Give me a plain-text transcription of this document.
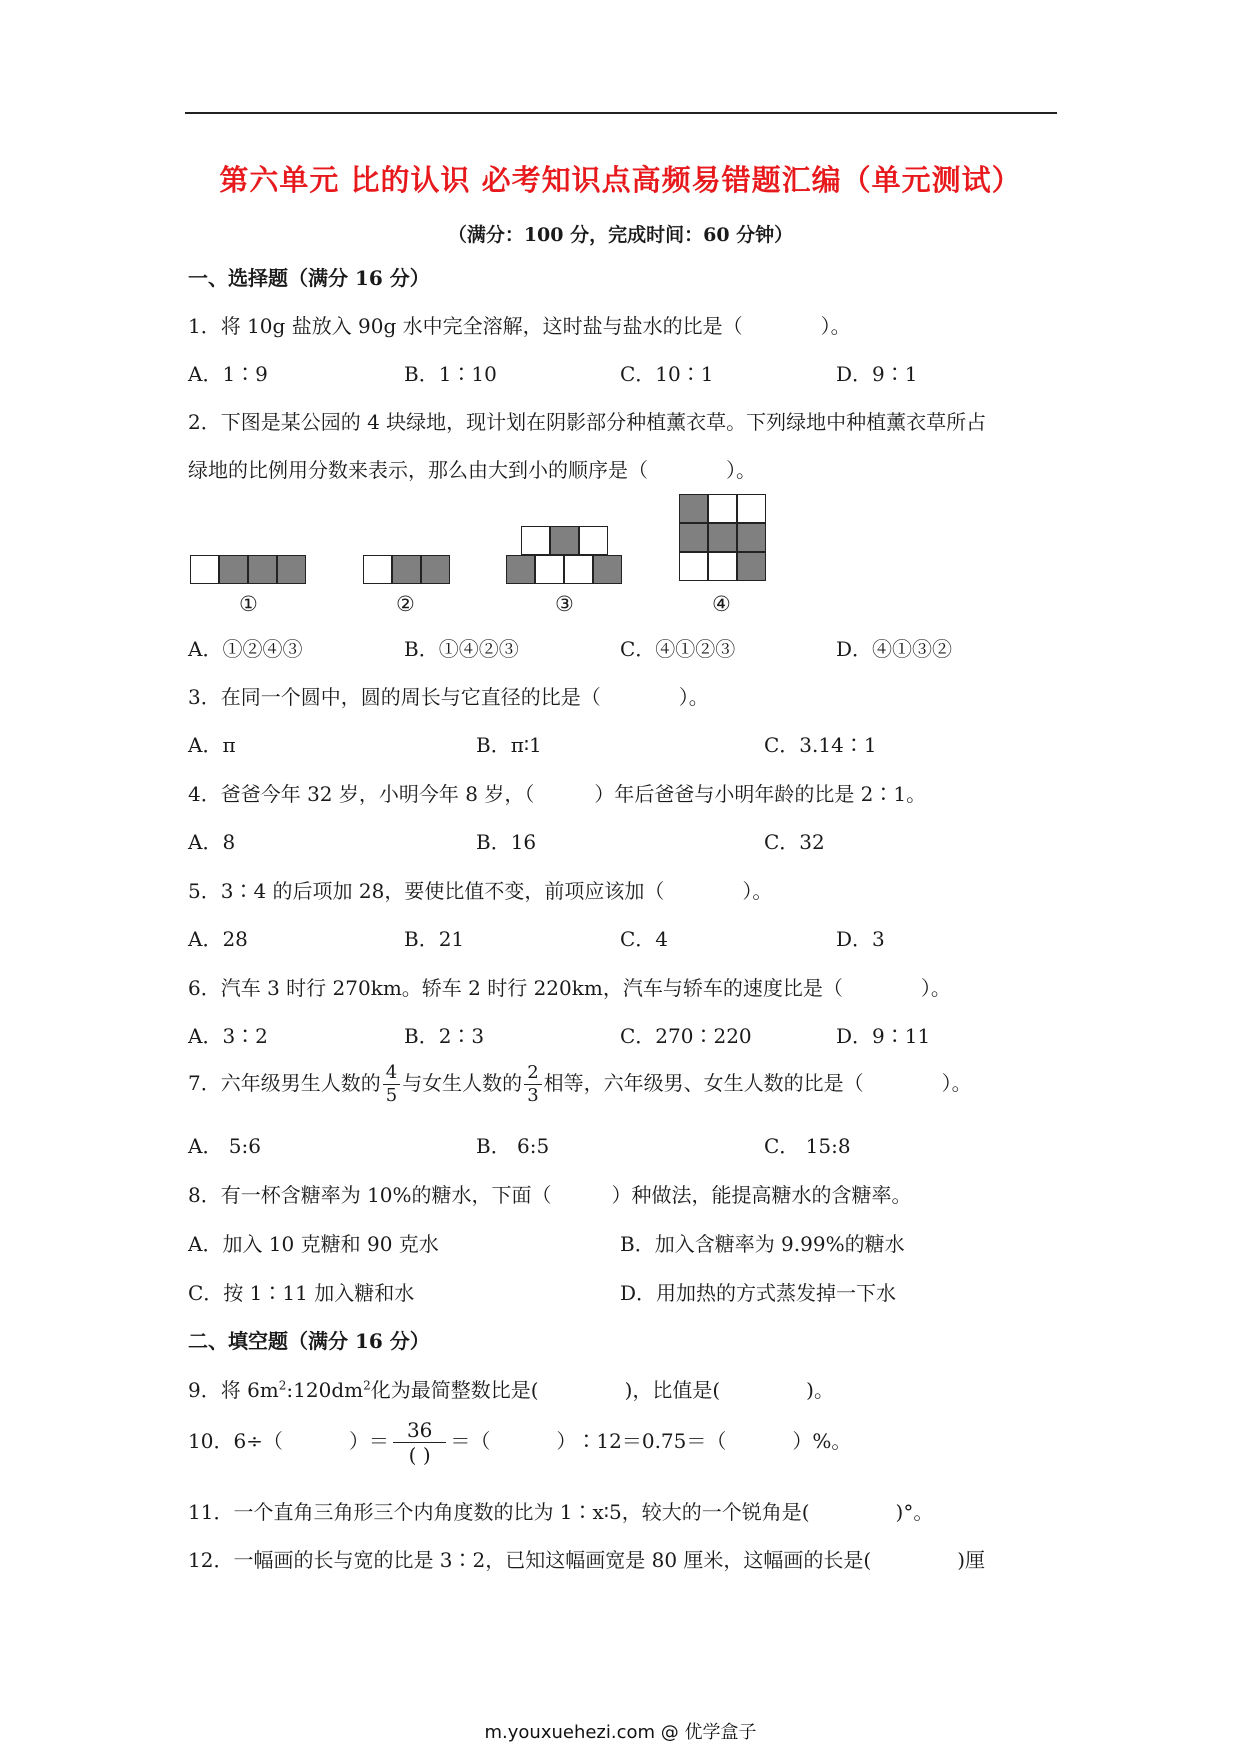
第六单元 比的认识 必考知识点高频易错题汇编（单元测试）
（满分：100 分，完成时间：60 分钟）
一、选择题（满分 16 分）
1．将 10g 盐放入 90g 水中完全溶解，这时盐与盐水的比是（	）。
A．1∶9	B．1∶10	C．10∶1	D．9∶1
2．下图是某公园的 4 块绿地，现计划在阴影部分种植薰衣草。下列绿地中种植薰衣草所占
绿地的比例用分数来表示，那么由大到小的顺序是（	）。
①	②	③	④
A．①②④③	B．①④②③	C．④①②③	D．④①③②
3．在同一个圆中，圆的周长与它直径的比是（	）。
A．π	B．π∶1	C．3.14∶1
4．爸爸今年 32 岁，小明今年 8 岁，（	）年后爸爸与小明年龄的比是 2∶1。
A．8	B．16	C．32
5．3∶4 的后项加 28，要使比值不变，前项应该加（	）。
A．28	B．21	C．4	D．3
6．汽车 3 时行 270km。轿车 2 时行 220km，汽车与轿车的速度比是（	）。
A．3∶2	B．2∶3	C．270∶220	D．9∶11
7．六年级男生人数的 $\frac{4}{5}$ 与女生人数的 $\frac{2}{3}$ 相等，六年级男、女生人数的比是（	）。
A． 5:6	B． 6:5	C． 15:8
8．有一杯含糖率为 10%的糖水，下面（	）种做法，能提高糖水的含糖率。
A．加入 10 克糖和 90 克水	B．加入含糖率为 9.99%的糖水
C．按 1∶11 加入糖和水	D．用加热的方式蒸发掉一下水
二、填空题（满分 16 分）
9．将 $6m^2:120dm^2$化为最简整数比是(	)，比值是(	)。
10．6÷（	）＝ $\frac{36}{( )}$ ＝（	）∶12＝0.75＝（	）%。
11．一个直角三角形三个内角度数的比为 1∶x∶5，较大的一个锐角是(	)°。
12．一幅画的长与宽的比是 3∶2，已知这幅画宽是 80 厘米，这幅画的长是(	)厘
m.youxuehezi.com @ 优学盒子
